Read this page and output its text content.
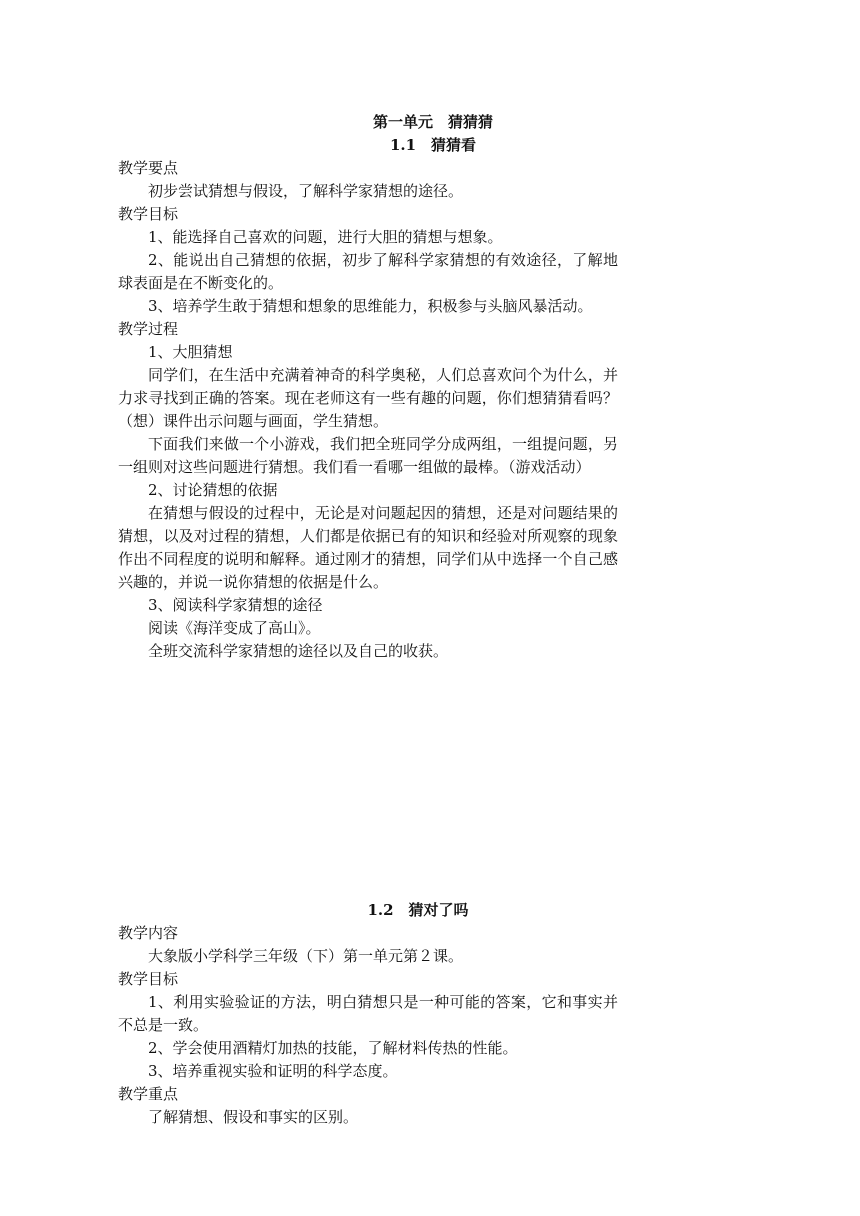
第一单元　猜猜猜
1.1　猜猜看
教学要点

初步尝试猜想与假设，了解科学家猜想的途径。

教学目标

1、能选择自己喜欢的问题，进行大胆的猜想与想象。

2、能说出自己猜想的依据，初步了解科学家猜想的有效途径，了解地球表面是在不断变化的。

3、培养学生敢于猜想和想象的思维能力，积极参与头脑风暴活动。

教学过程

1、大胆猜想

同学们，在生活中充满着神奇的科学奥秘，人们总喜欢问个为什么，并力求寻找到正确的答案。现在老师这有一些有趣的问题，你们想猜猜看吗？（想）课件出示问题与画面，学生猜想。

下面我们来做一个小游戏，我们把全班同学分成两组，一组提问题，另一组则对这些问题进行猜想。我们看一看哪一组做的最棒。（游戏活动）

2、讨论猜想的依据

在猜想与假设的过程中，无论是对问题起因的猜想，还是对问题结果的猜想，以及对过程的猜想，人们都是依据已有的知识和经验对所观察的现象作出不同程度的说明和解释。通过刚才的猜想，同学们从中选择一个自己感兴趣的，并说一说你猜想的依据是什么。

3、阅读科学家猜想的途径

阅读《海洋变成了高山》。

全班交流科学家猜想的途径以及自己的收获。

1.2　猜对了吗
教学内容

大象版小学科学三年级（下）第一单元第２课。

教学目标

1、利用实验验证的方法，明白猜想只是一种可能的答案，它和事实并不总是一致。

2、学会使用酒精灯加热的技能，了解材料传热的性能。

3、培养重视实验和证明的科学态度。

教学重点

了解猜想、假设和事实的区别。
